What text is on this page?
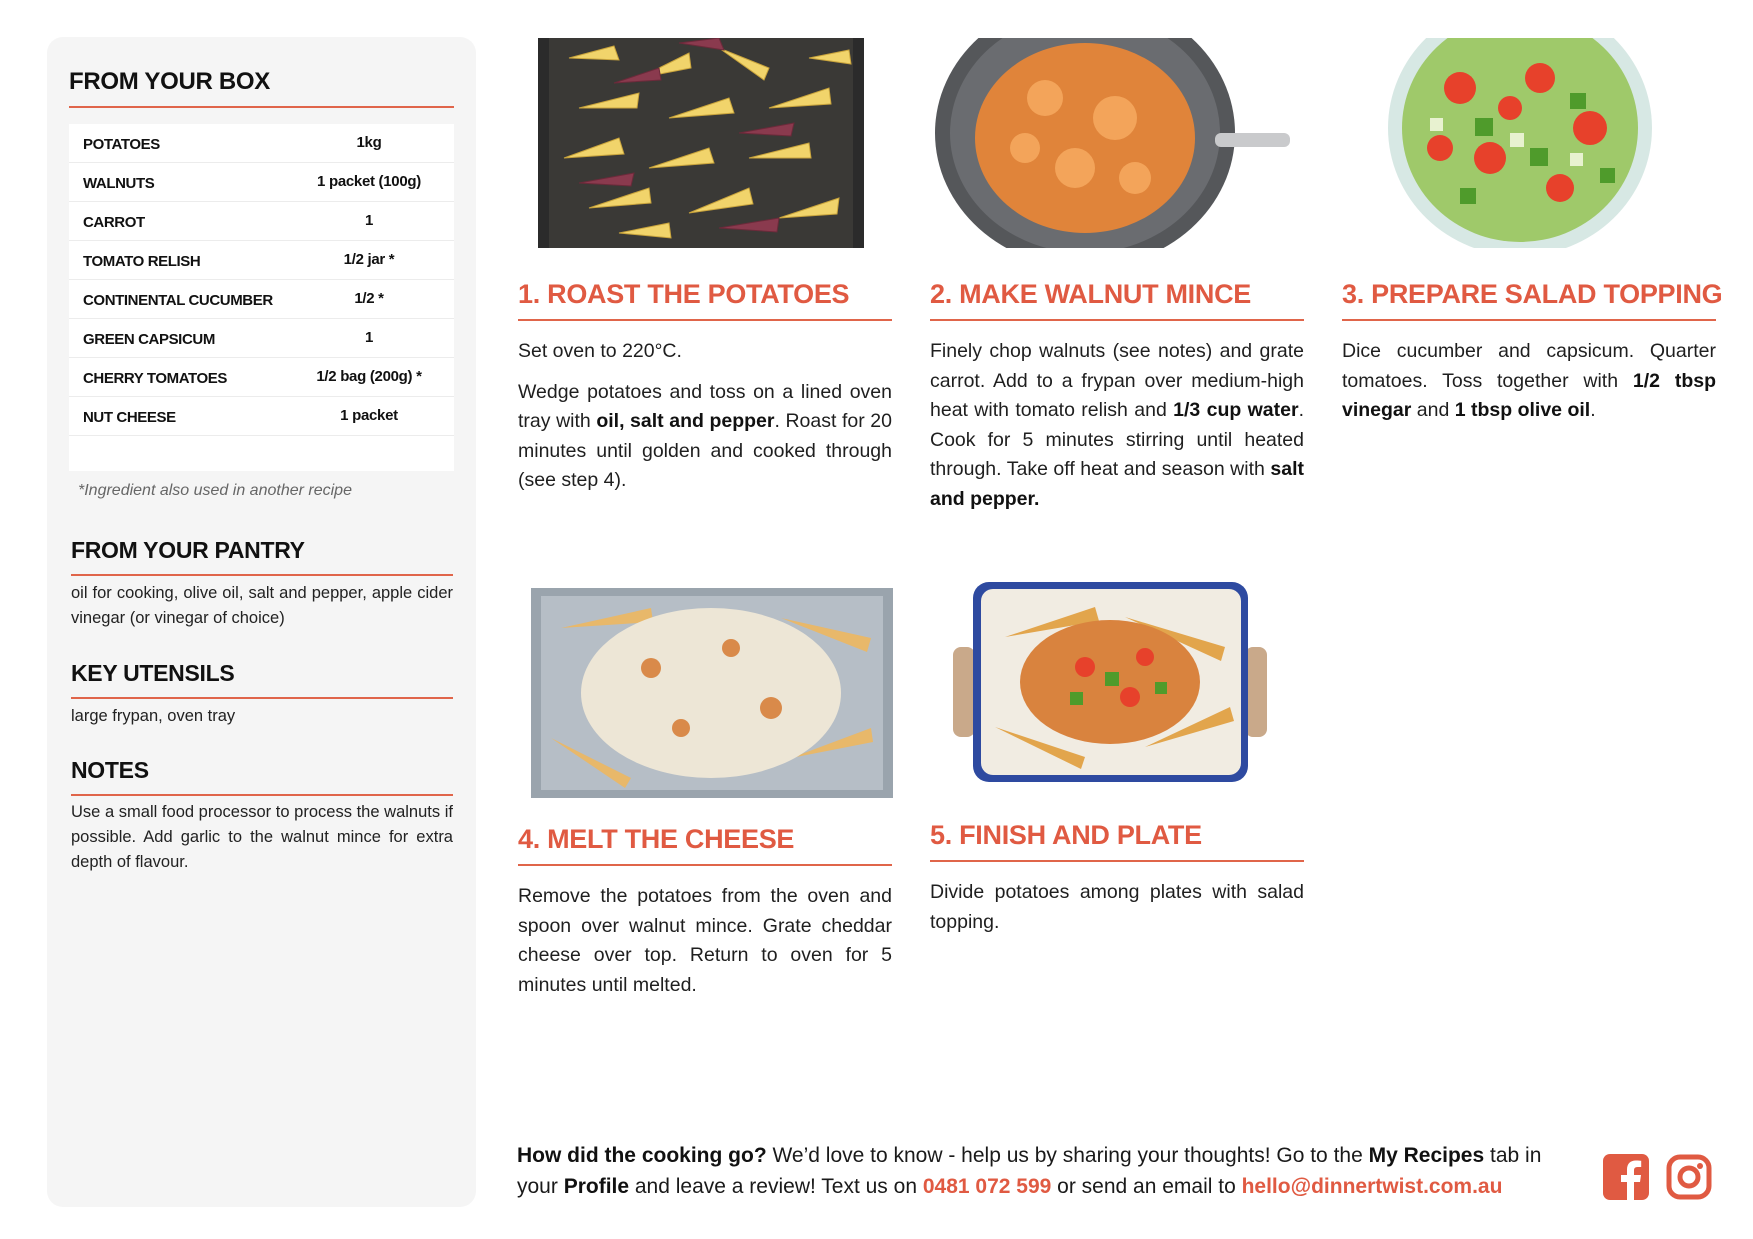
FROM YOUR BOX
POTATOES	1kg
WALNUTS	1 packet (100g)
CARROT	1
TOMATO RELISH	1/2 jar *
CONTINENTAL CUCUMBER	1/2 *
GREEN CAPSICUM	1
CHERRY TOMATOES	1/2 bag (200g) *
NUT CHEESE	1 packet
*Ingredient also used in another recipe
FROM YOUR PANTRY
oil for cooking, olive oil, salt and pepper, apple cider vinegar (or vinegar of choice)
KEY UTENSILS
large frypan, oven tray
NOTES
Use a small food processor to process the walnuts if possible. Add garlic to the walnut mince for extra depth of flavour.
1. ROAST THE POTATOES

Set oven to 220°C.

Wedge potatoes and toss on a lined oven tray with oil, salt and pepper. Roast for 20 minutes until golden and cooked through (see step 4).

2. MAKE WALNUT MINCE

Finely chop walnuts (see notes) and grate carrot. Add to a frypan over medium-high heat with tomato relish and 1/3 cup water. Cook for 5 minutes stirring until heated through. Take off heat and season with salt and pepper.

3. PREPARE SALAD TOPPING

Dice cucumber and capsicum. Quarter tomatoes. Toss together with 1/2 tbsp vinegar and 1 tbsp olive oil.

4. MELT THE CHEESE

Remove the potatoes from the oven and spoon over walnut mince. Grate cheddar cheese over top. Return to oven for 5 minutes until melted.

5. FINISH AND PLATE

Divide potatoes among plates with salad topping.

How did the cooking go? We’d love to know - help us by sharing your thoughts! Go to the My Recipes tab in your Profile and leave a review! Text us on 0481 072 599 or send an email to hello@dinnertwist.com.au
